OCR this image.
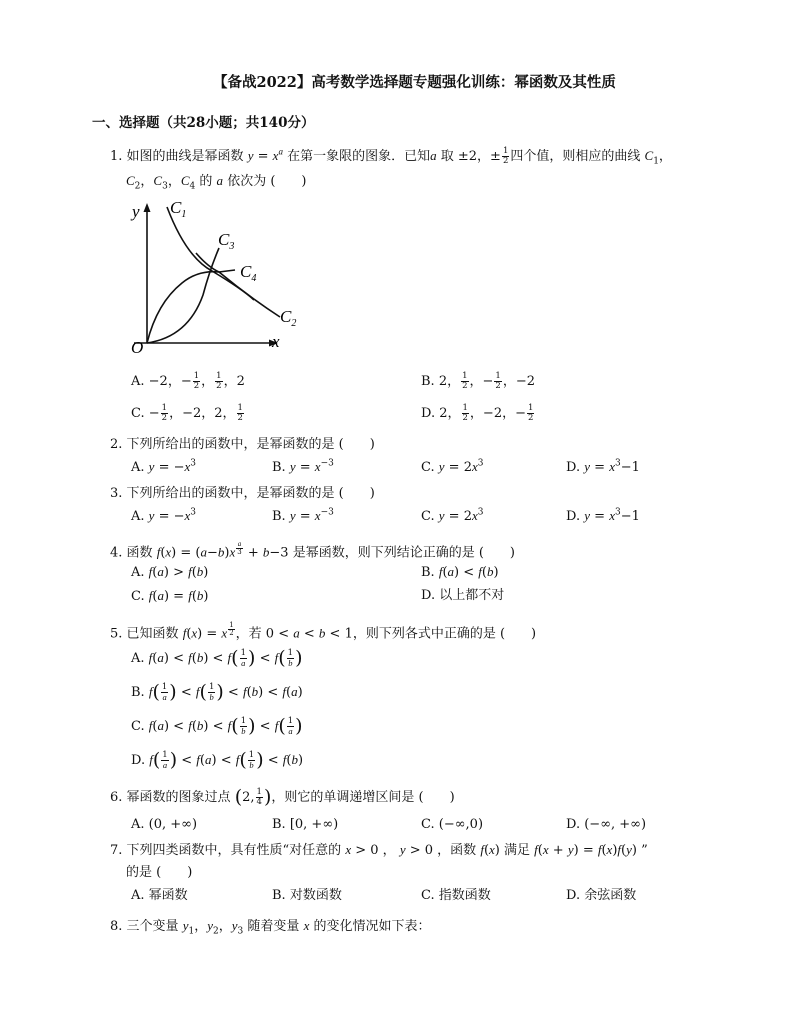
【备战2022】高考数学选择题专题强化训练：幂函数及其性质
一、选择题（共28小题；共140分）
1. 如图的曲线是幂函数 $y = x^a$ 在第一象限的图象．已知a 取 ±2，± $\frac{1}{2}$ 四个值，则相应的曲线 $C_1$，
$C_2$，$C_3$，$C_4$ 的 a 依次为 (　　)
y
x
O
$C_1$
$C_3$
$C_4$
$C_2$
A. −2，− $\frac{1}{2}$ ， $\frac{1}{2}$ ，2	B. 2， $\frac{1}{2}$ ，− $\frac{1}{2}$ ，−2
C. − $\frac{1}{2}$ ，−2，2， $\frac{1}{2}$	D. 2， $\frac{1}{2}$ ，−2，− $\frac{1}{2}$
2. 下列所给出的函数中，是幂函数的是 (　　)
A. $y = -x^3$	B. $y = x^{-3}$	C. $y = 2x^3$	D. $y = x^3-1$
3. 下列所给出的函数中，是幂函数的是 (　　)
A. $y = -x^3$	B. $y = x^{-3}$	C. $y = 2x^3$	D. $y = x^3-1$
4. 函数 f(x) = (a−b)x $^{\frac{a}{3}}$ + b−3 是幂函数，则下列结论正确的是 (　　)
A. f(a) > f(b)	B. f(a) < f(b)
C. f(a) = f(b)	D. 以上都不对
5. 已知函数 f(x) = x $^{\frac{1}{2}}$ ，若 0 < a < b < 1，则下列各式中正确的是 (　　)
A. $f(a) < f(b) < f( \frac{1}{a}$ ) < $f( \frac{1}{b}$ )
B. $f( \frac{1}{a}$ ) < $f( \frac{1}{b}$ ) < f(b) < f(a)
C. $f(a) < f(b) < f( \frac{1}{b}$ ) < $f( \frac{1}{a}$ )
D. $f( \frac{1}{a}$ ) < $f(a) < f( \frac{1}{b}$ ) < f(b)
6. 幂函数的图象过点 (2, $\frac{1}{4}$ )，则它的单调递增区间是 (　　)
A. (0, +∞)	B. [0, +∞)	C. (−∞,0)	D. (−∞, +∞)
7. 下列四类函数中，具有性质“对任意的 x > 0 ， y > 0 ，函数 f(x) 满足 f(x + y) = f(x)f(y) ”
的是 (　　)
A. 幂函数	B. 对数函数	C. 指数函数	D. 余弦函数
8. 三个变量 $y_1$，$y_2$，$y_3$ 随着变量 x 的变化情况如下表：
